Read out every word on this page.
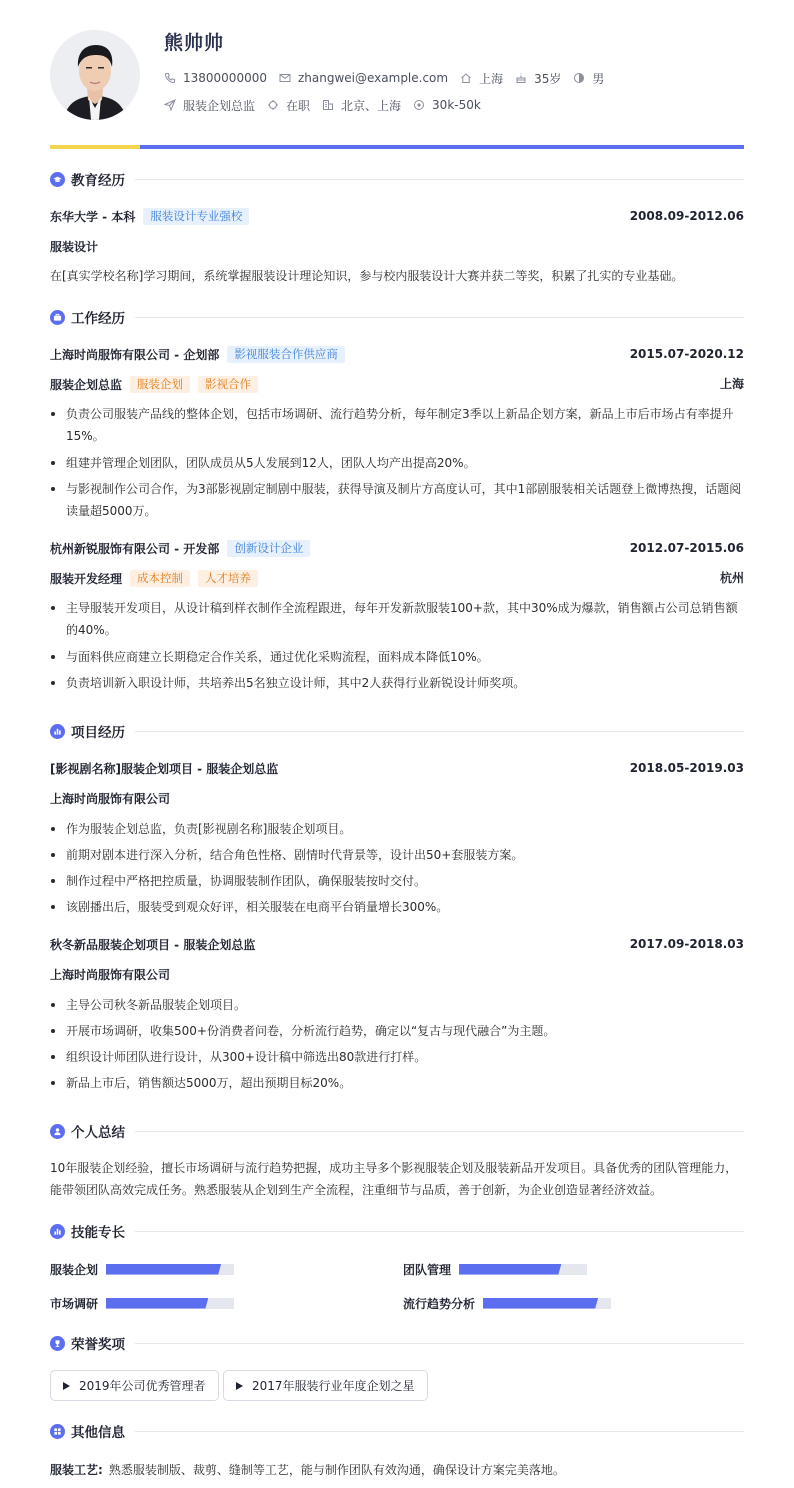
熊帅帅
13800000000	zhangwei@example.com	上海	35岁	男
服装企划总监	在职	北京、上海	30k-50k
教育经历
东华大学 - 本科	服装设计专业强校	2008.09-2012.06
服装设计
在[真实学校名称]学习期间，系统掌握服装设计理论知识，参与校内服装设计大赛并获二等奖，积累了扎实的专业基础。
工作经历
上海时尚服饰有限公司 - 企划部	影视服装合作供应商	2015.07-2020.12
服装企划总监	服装企划	影视合作	上海
负责公司服装产品线的整体企划，包括市场调研、流行趋势分析，每年制定3季以上新品企划方案，新品上市后市场占有率提升15%。
组建并管理企划团队，团队成员从5人发展到12人，团队人均产出提高20%。
与影视制作公司合作，为3部影视剧定制剧中服装，获得导演及制片方高度认可，其中1部剧服装相关话题登上微博热搜，话题阅读量超5000万。
杭州新锐服饰有限公司 - 开发部	创新设计企业	2012.07-2015.06
服装开发经理	成本控制	人才培养	杭州
主导服装开发项目，从设计稿到样衣制作全流程跟进，每年开发新款服装100+款，其中30%成为爆款，销售额占公司总销售额的40%。
与面料供应商建立长期稳定合作关系，通过优化采购流程，面料成本降低10%。
负责培训新入职设计师，共培养出5名独立设计师，其中2人获得行业新锐设计师奖项。
项目经历
[影视剧名称]服装企划项目 - 服装企划总监	2018.05-2019.03
上海时尚服饰有限公司
作为服装企划总监，负责[影视剧名称]服装企划项目。
前期对剧本进行深入分析，结合角色性格、剧情时代背景等，设计出50+套服装方案。
制作过程中严格把控质量，协调服装制作团队，确保服装按时交付。
该剧播出后，服装受到观众好评，相关服装在电商平台销量增长300%。
秋冬新品服装企划项目 - 服装企划总监	2017.09-2018.03
上海时尚服饰有限公司
主导公司秋冬新品服装企划项目。
开展市场调研，收集500+份消费者问卷，分析流行趋势，确定以“复古与现代融合”为主题。
组织设计师团队进行设计，从300+设计稿中筛选出80款进行打样。
新品上市后，销售额达5000万，超出预期目标20%。
个人总结
10年服装企划经验，擅长市场调研与流行趋势把握，成功主导多个影视服装企划及服装新品开发项目。具备优秀的团队管理能力，能带领团队高效完成任务。熟悉服装从企划到生产全流程，注重细节与品质，善于创新，为企业创造显著经济效益。
技能专长
服装企划	团队管理
市场调研	流行趋势分析
荣誉奖项
2019年公司优秀管理者	2017年服装行业年度企划之星
其他信息
服装工艺: 熟悉服装制版、裁剪、缝制等工艺，能与制作团队有效沟通，确保设计方案完美落地。
